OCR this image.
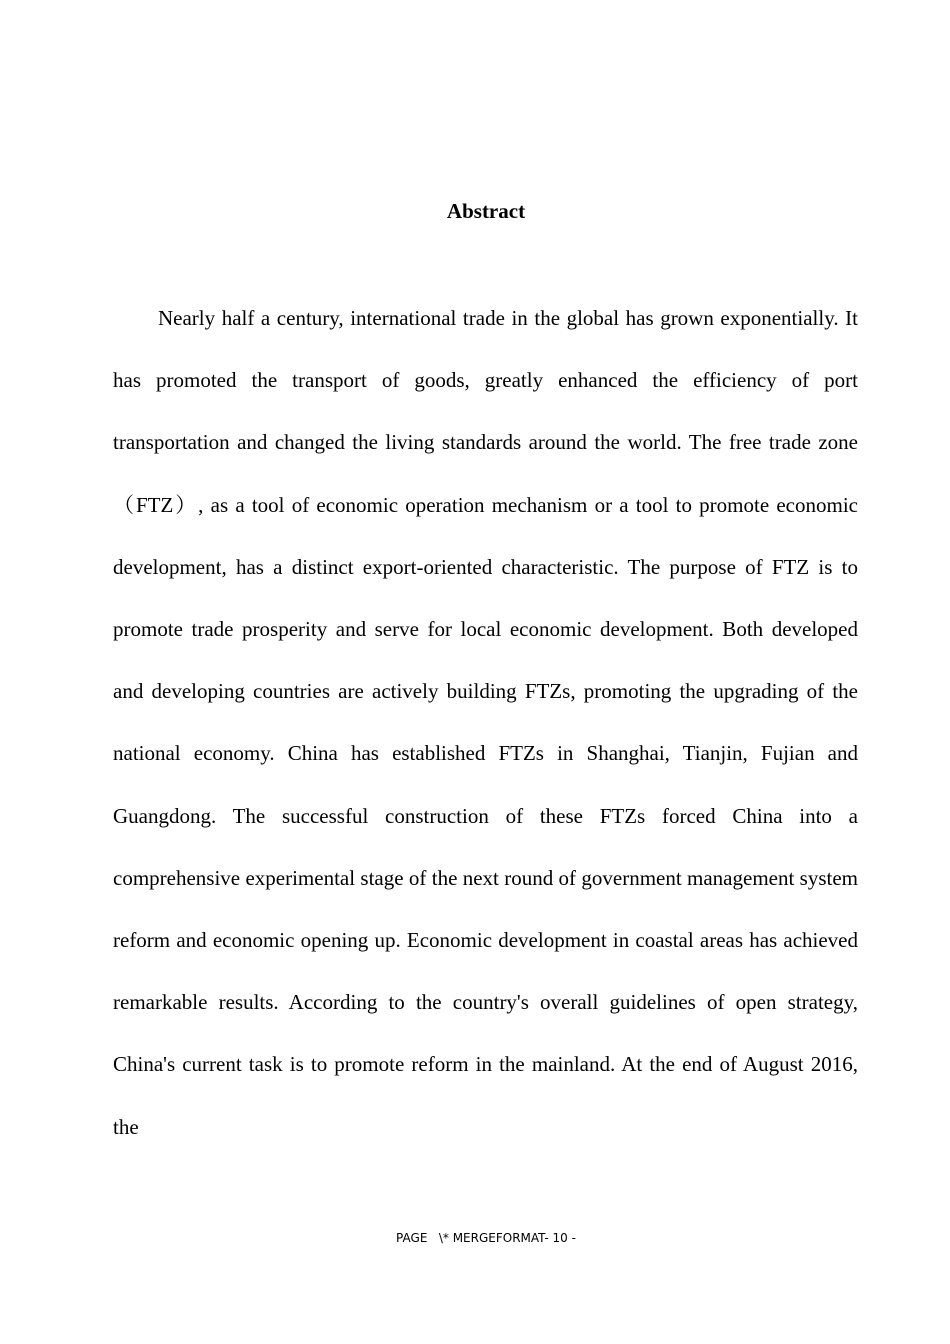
Abstract

Nearly half a century, international trade in the global has grown exponentially. It has promoted the transport of goods, greatly enhanced the efficiency of port transportation and changed the living standards around the world. The free trade zone（FTZ）, as a tool of economic operation mechanism or a tool to promote economic development, has a distinct export-oriented characteristic. The purpose of FTZ is to promote trade prosperity and serve for local economic development. Both developed and developing countries are actively building FTZs, promoting the upgrading of the national economy. China has established FTZs in Shanghai, Tianjin, Fujian and Guangdong. The successful construction of these FTZs forced China into a comprehensive experimental stage of the next round of government management system reform and economic opening up. Economic development in coastal areas has achieved remarkable results. According to the country's overall guidelines of open strategy, China's current task is to promote reform in the mainland. At the end of August 2016, the

PAGE   \* MERGEFORMAT- 10 -
